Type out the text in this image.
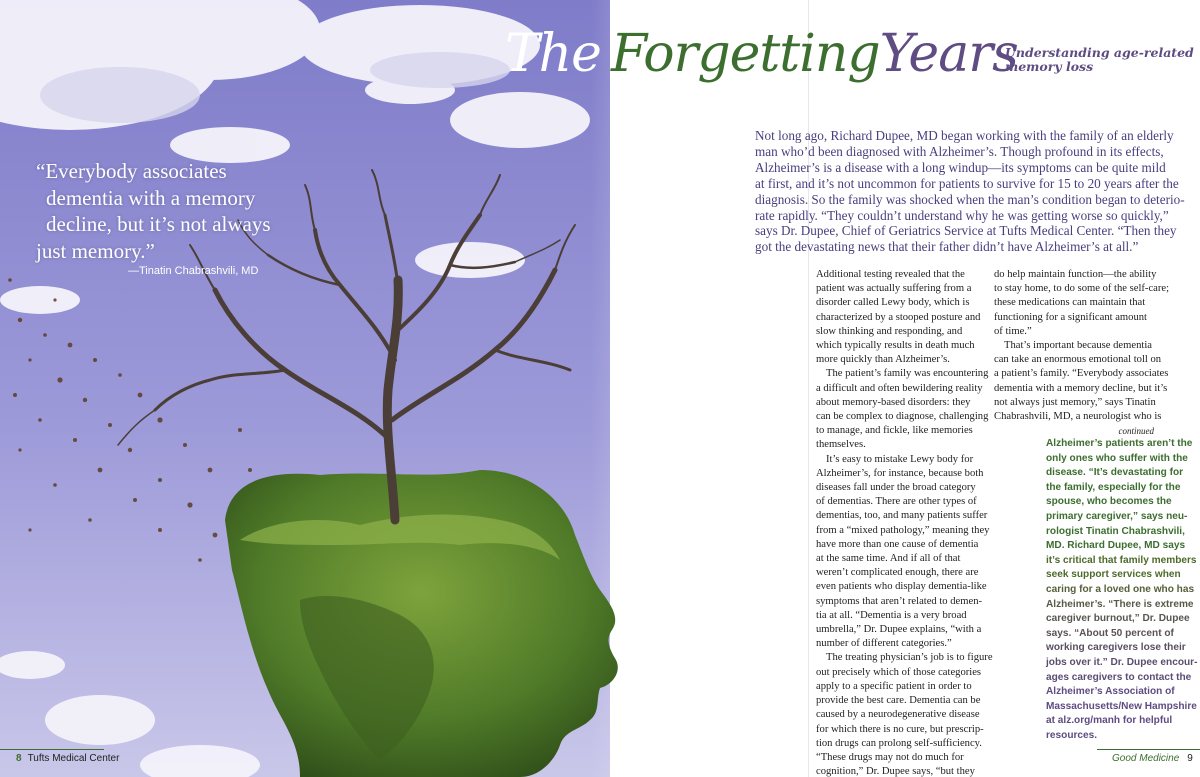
The ForgettingYears
Understanding age-related
memory loss
“Everybody associates
dementia with a memory
decline, but it’s not always
just memory.”
—Tinatin Chabrashvili, MD
Not long ago, Richard Dupee, MD began working with the family of an elderly
man who’d been diagnosed with Alzheimer’s. Though profound in its effects,
Alzheimer’s is a disease with a long windup—its symptoms can be quite mild
at first, and it’s not uncommon for patients to survive for 15 to 20 years after the
diagnosis. So the family was shocked when the man’s condition began to deterio-
rate rapidly. “They couldn’t understand why he was getting worse so quickly,”
says Dr. Dupee, Chief of Geriatrics Service at Tufts Medical Center. “Then they
got the devastating news that their father didn’t have Alzheimer’s at all.”
Additional testing revealed that the
patient was actually suffering from a
disorder called Lewy body, which is
characterized by a stooped posture and
slow thinking and responding, and
which typically results in death much
more quickly than Alzheimer’s.
The patient’s family was encountering
a difficult and often bewildering reality
about memory-based disorders: they
can be complex to diagnose, challenging
to manage, and fickle, like memories
themselves.
It’s easy to mistake Lewy body for
Alzheimer’s, for instance, because both
diseases fall under the broad category
of dementias. There are other types of
dementias, too, and many patients suffer
from a “mixed pathology,” meaning they
have more than one cause of dementia
at the same time. And if all of that
weren’t complicated enough, there are
even patients who display dementia-like
symptoms that aren’t related to demen-
tia at all. “Dementia is a very broad
umbrella,” Dr. Dupee explains, “with a
number of different categories.”
The treating physician’s job is to figure
out precisely which of those categories
apply to a specific patient in order to
provide the best care. Dementia can be
caused by a neurodegenerative disease
for which there is no cure, but prescrip-
tion drugs can prolong self-sufficiency.
“These drugs may not do much for
cognition,” Dr. Dupee says, “but they
do help maintain function—the ability
to stay home, to do some of the self-care;
these medications can maintain that
functioning for a significant amount
of time.”
That’s important because dementia
can take an enormous emotional toll on
a patient’s family. “Everybody associates
dementia with a memory decline, but it’s
not always just memory,” says Tinatin
Chabrashvili, MD, a neurologist who is
continued
Alzheimer’s patients aren’t the
only ones who suffer with the
disease. “It’s devastating for
the family, especially for the
spouse, who becomes the
primary caregiver,” says neu-
rologist Tinatin Chabrashvili,
MD. Richard Dupee, MD says
it’s critical that family members
seek support services when
caring for a loved one who has
Alzheimer’s. “There is extreme
caregiver burnout,” Dr. Dupee
says. “About 50 percent of
working caregivers lose their
jobs over it.” Dr. Dupee encour-
ages caregivers to contact the
Alzheimer’s Association of
Massachusetts/New Hampshire
at alz.org/manh for helpful
resources.
8 Tufts Medical Center	Good Medicine 9
